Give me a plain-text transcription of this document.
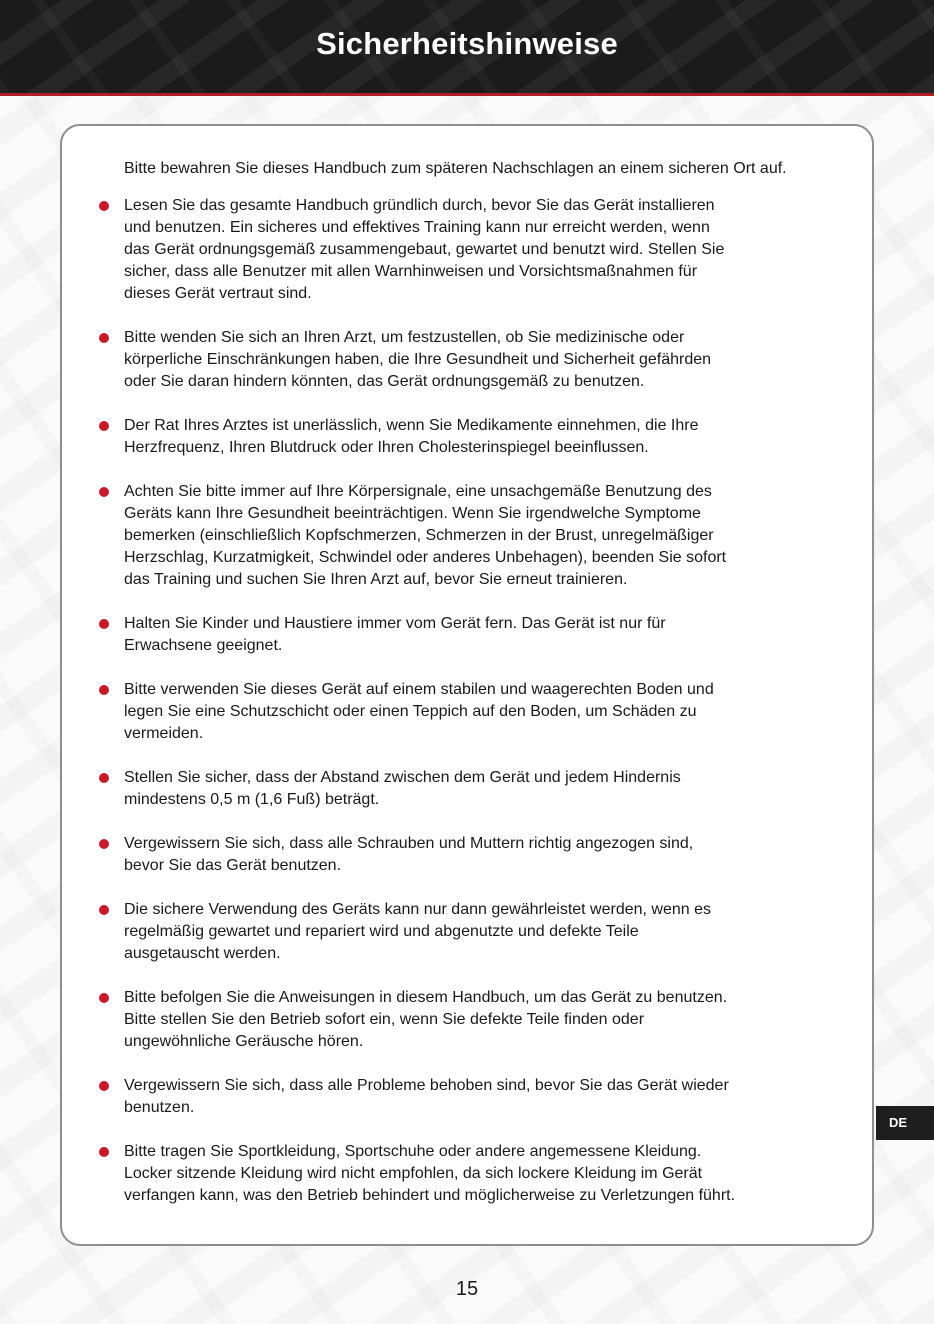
Sicherheitshinweise
Bitte bewahren Sie dieses Handbuch zum späteren Nachschlagen an einem sicheren Ort auf.
Lesen Sie das gesamte Handbuch gründlich durch, bevor Sie das Gerät installieren
und benutzen. Ein sicheres und effektives Training kann nur erreicht werden, wenn
das Gerät ordnungsgemäß zusammengebaut, gewartet und benutzt wird. Stellen Sie
sicher, dass alle Benutzer mit allen Warnhinweisen und Vorsichtsmaßnahmen für
dieses Gerät vertraut sind.
Bitte wenden Sie sich an Ihren Arzt, um festzustellen, ob Sie medizinische oder
körperliche Einschränkungen haben, die Ihre Gesundheit und Sicherheit gefährden
oder Sie daran hindern könnten, das Gerät ordnungsgemäß zu benutzen.
Der Rat Ihres Arztes ist unerlässlich, wenn Sie Medikamente einnehmen, die Ihre
Herzfrequenz, Ihren Blutdruck oder Ihren Cholesterinspiegel beeinflussen.
Achten Sie bitte immer auf Ihre Körpersignale, eine unsachgemäße Benutzung des
Geräts kann Ihre Gesundheit beeinträchtigen. Wenn Sie irgendwelche Symptome
bemerken (einschließlich Kopfschmerzen, Schmerzen in der Brust, unregelmäßiger
Herzschlag, Kurzatmigkeit, Schwindel oder anderes Unbehagen), beenden Sie sofort
das Training und suchen Sie Ihren Arzt auf, bevor Sie erneut trainieren.
Halten Sie Kinder und Haustiere immer vom Gerät fern. Das Gerät ist nur für
Erwachsene geeignet.
Bitte verwenden Sie dieses Gerät auf einem stabilen und waagerechten Boden und
legen Sie eine Schutzschicht oder einen Teppich auf den Boden, um Schäden zu
vermeiden.
Stellen Sie sicher, dass der Abstand zwischen dem Gerät und jedem Hindernis
mindestens 0,5 m (1,6 Fuß) beträgt.
Vergewissern Sie sich, dass alle Schrauben und Muttern richtig angezogen sind,
bevor Sie das Gerät benutzen.
Die sichere Verwendung des Geräts kann nur dann gewährleistet werden, wenn es
regelmäßig gewartet und repariert wird und abgenutzte und defekte Teile
ausgetauscht werden.
Bitte befolgen Sie die Anweisungen in diesem Handbuch, um das Gerät zu benutzen.
Bitte stellen Sie den Betrieb sofort ein, wenn Sie defekte Teile finden oder
ungewöhnliche Geräusche hören.
Vergewissern Sie sich, dass alle Probleme behoben sind, bevor Sie das Gerät wieder
benutzen.
Bitte tragen Sie Sportkleidung, Sportschuhe oder andere angemessene Kleidung.
Locker sitzende Kleidung wird nicht empfohlen, da sich lockere Kleidung im Gerät
verfangen kann, was den Betrieb behindert und möglicherweise zu Verletzungen führt.
DE
15
